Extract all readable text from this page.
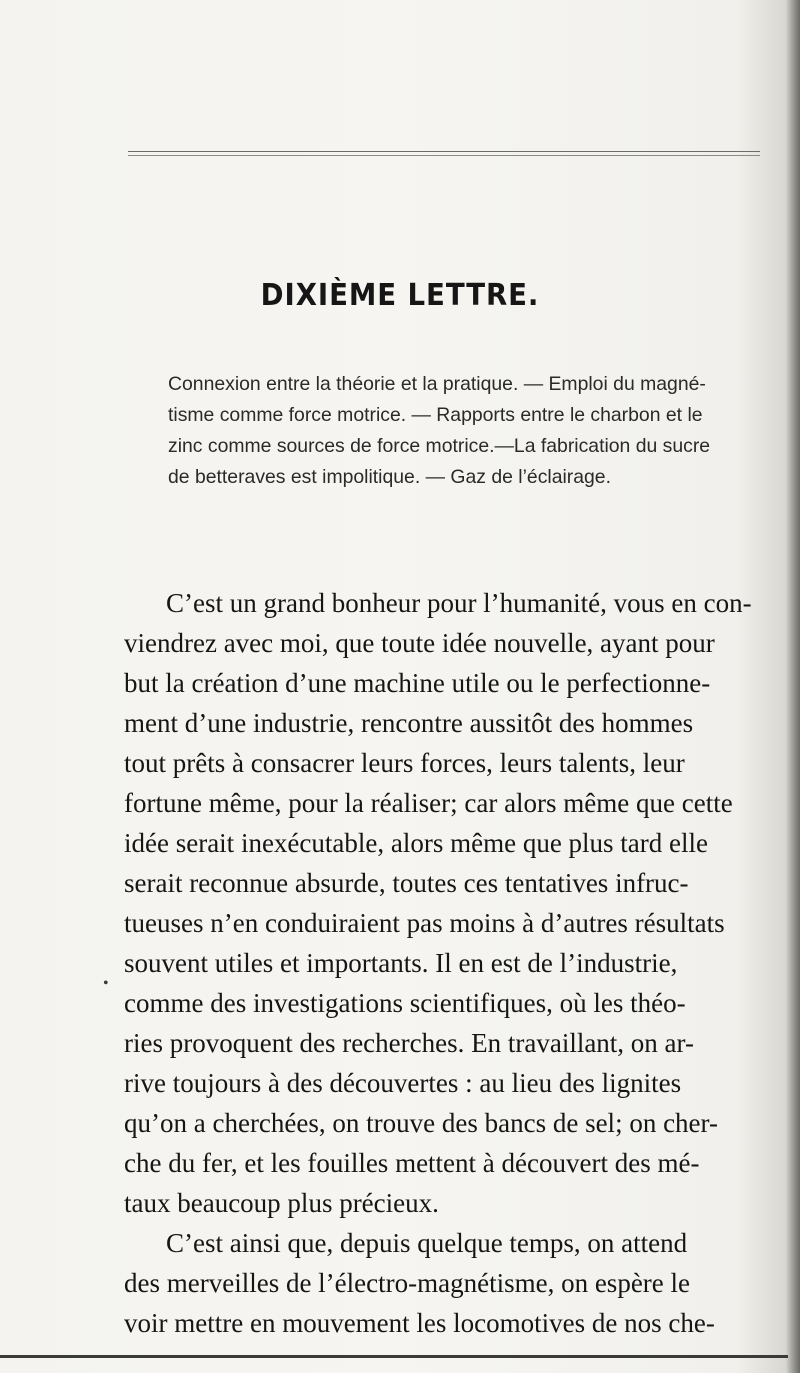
DIXIÈME LETTRE.
Connexion entre la théorie et la pratique. — Emploi du magné-
tisme comme force motrice. — Rapports entre le charbon et le
zinc comme sources de force motrice.—La fabrication du sucre
de betteraves est impolitique. — Gaz de l’éclairage.
C’est un grand bonheur pour l’humanité, vous en con-
viendrez avec moi, que toute idée nouvelle, ayant pour
but la création d’une machine utile ou le perfectionne-
ment d’une industrie, rencontre aussitôt des hommes
tout prêts à consacrer leurs forces, leurs talents, leur
fortune même, pour la réaliser; car alors même que cette
idée serait inexécutable, alors même que plus tard elle
serait reconnue absurde, toutes ces tentatives infruc-
tueuses n’en conduiraient pas moins à d’autres résultats
souvent utiles et importants. Il en est de l’industrie,
comme des investigations scientifiques, où les théo-
ries provoquent des recherches. En travaillant, on ar-
rive toujours à des découvertes : au lieu des lignites
qu’on a cherchées, on trouve des bancs de sel; on cher-
che du fer, et les fouilles mettent à découvert des mé-
taux beaucoup plus précieux.
C’est ainsi que, depuis quelque temps, on attend
des merveilles de l’électro-magnétisme, on espère le
voir mettre en mouvement les locomotives de nos che-
•
